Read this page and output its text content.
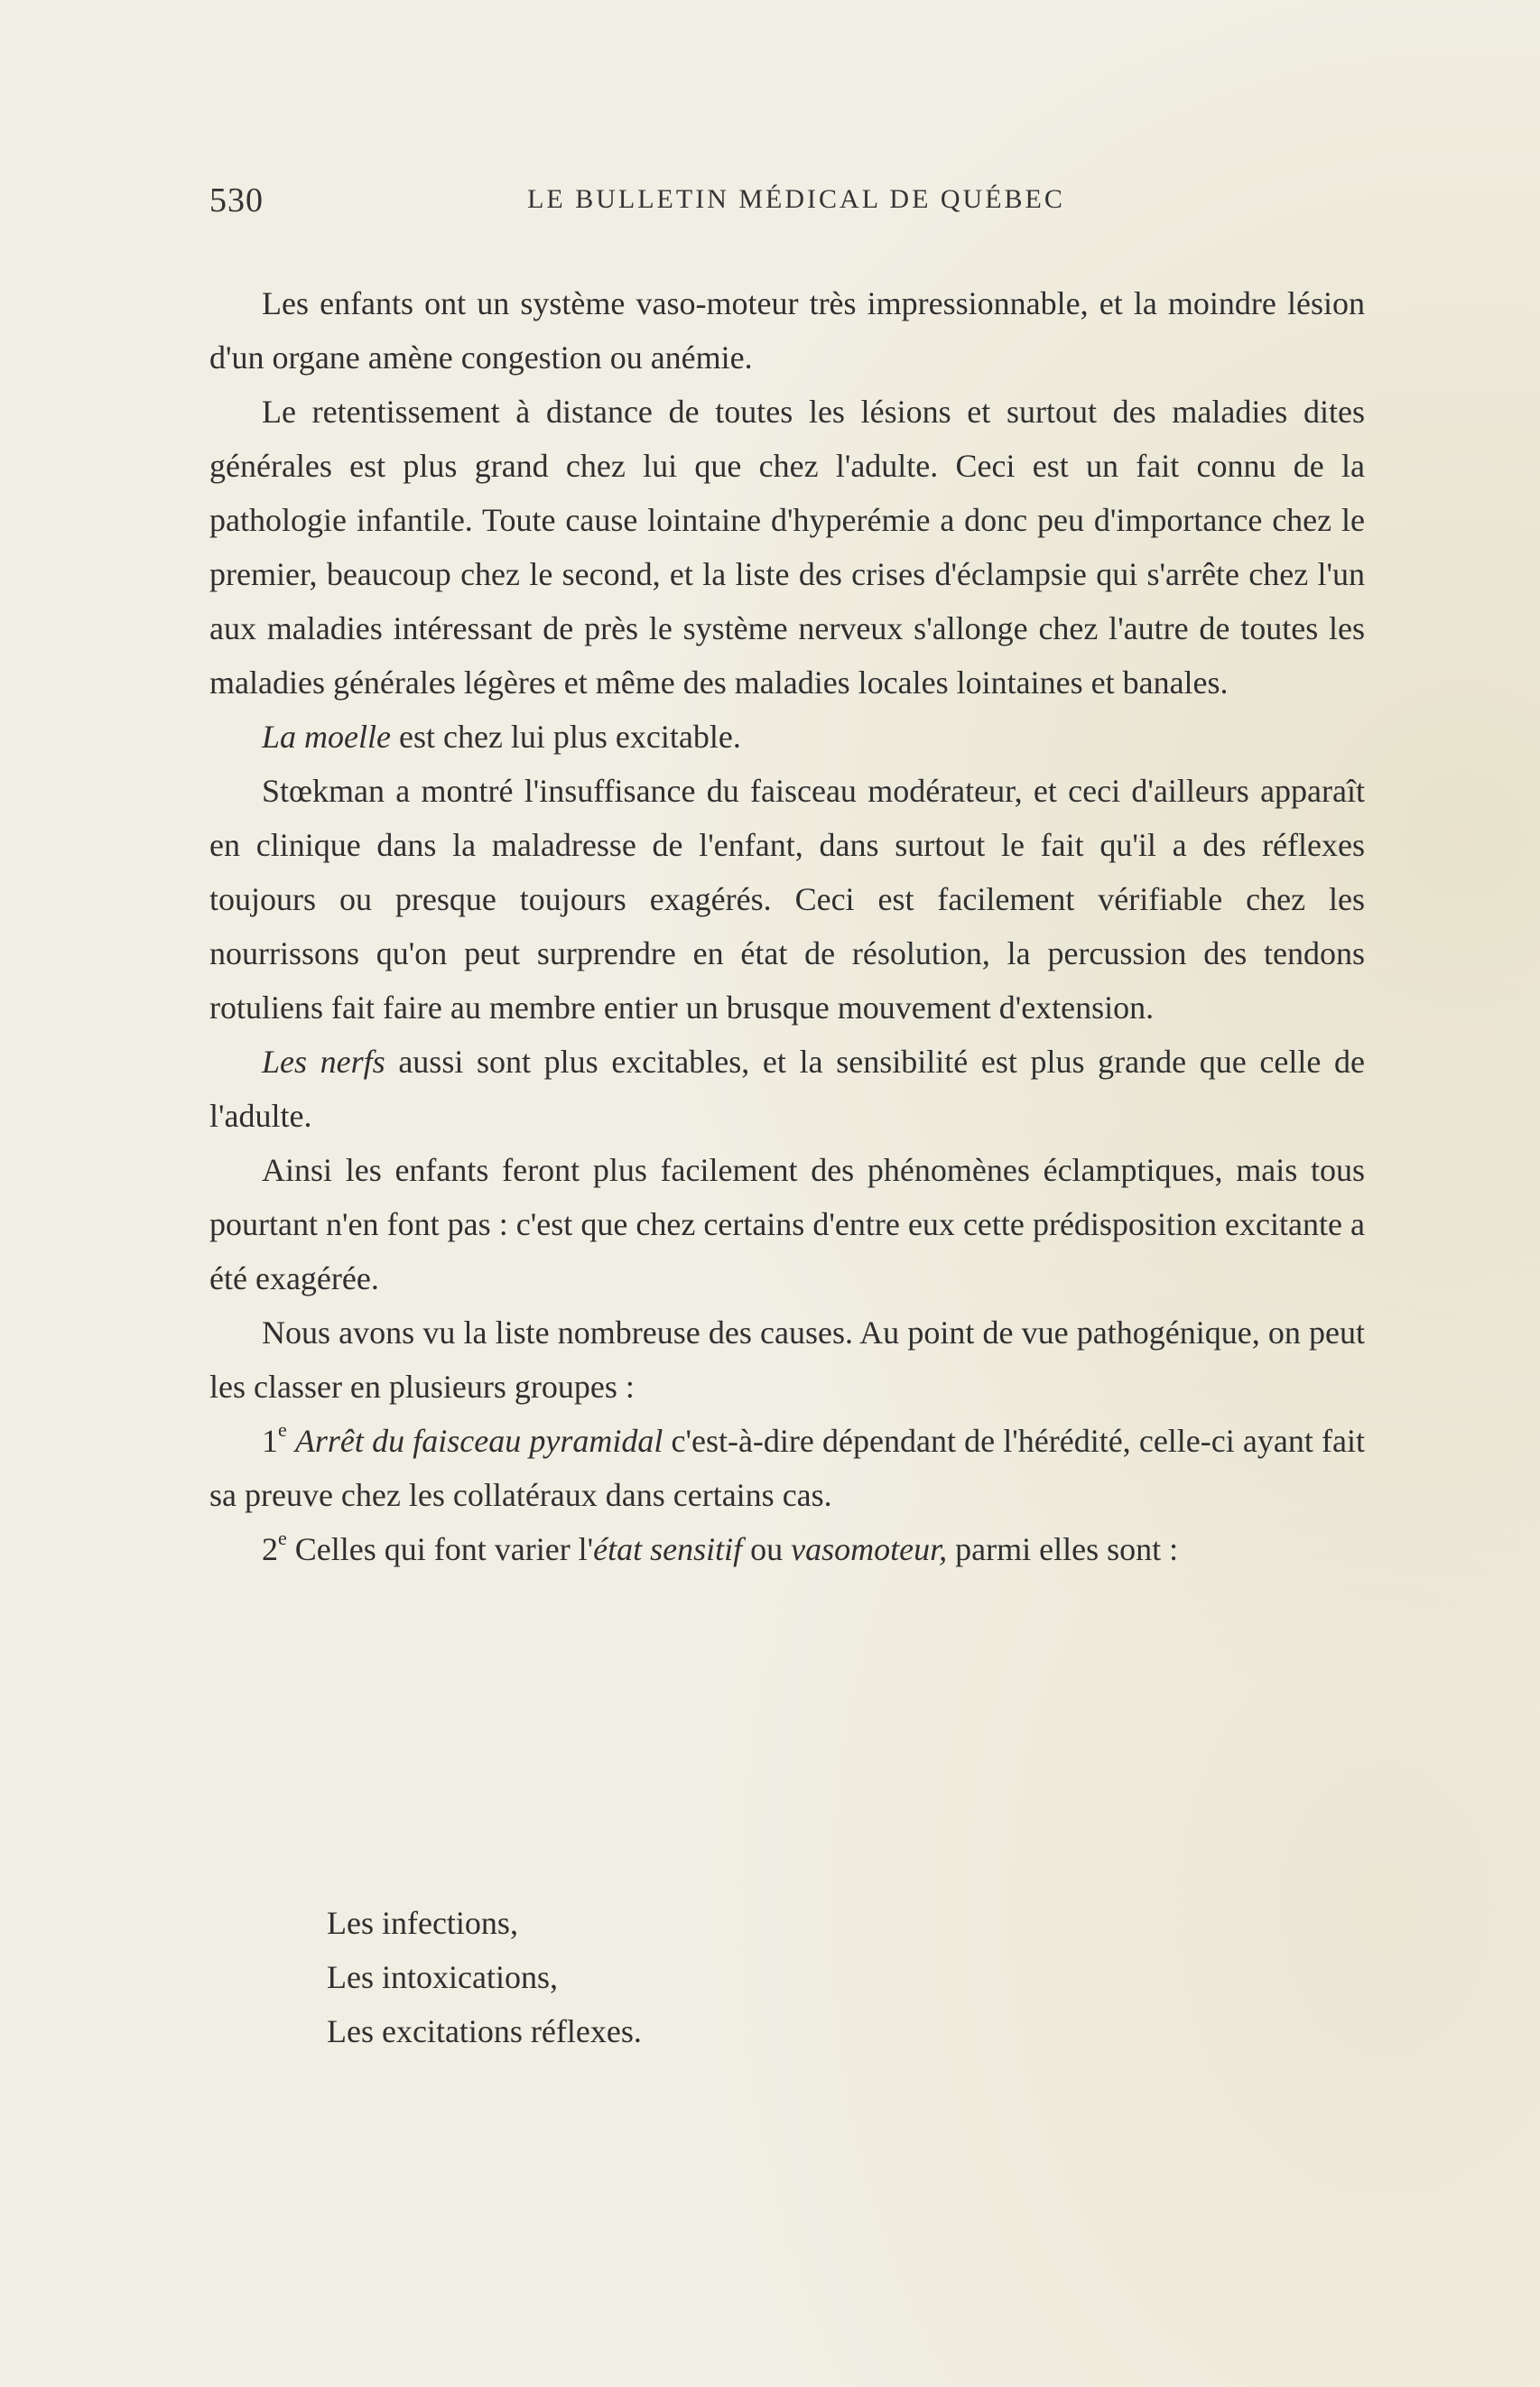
530	LE BULLETIN MÉDICAL DE QUÉBEC

Les enfants ont un système vaso-moteur très impressionnable, et la moindre lésion d'un organe amène congestion ou anémie.

Le retentissement à distance de toutes les lésions et surtout des maladies dites générales est plus grand chez lui que chez l'adulte. Ceci est un fait connu de la pathologie infantile. Toute cause lointaine d'hyperémie a donc peu d'importance chez le premier, beaucoup chez le second, et la liste des crises d'éclampsie qui s'arrête chez l'un aux maladies intéressant de près le système nerveux s'allonge chez l'autre de toutes les maladies générales légères et même des maladies locales lointaines et banales.

La moelle est chez lui plus excitable.

Stœkman a montré l'insuffisance du faisceau modérateur, et ceci d'ailleurs apparaît en clinique dans la maladresse de l'enfant, dans surtout le fait qu'il a des réflexes toujours ou presque toujours exagérés. Ceci est facilement vérifiable chez les nourrissons qu'on peut surprendre en état de résolution, la percussion des tendons rotuliens fait faire au membre entier un brusque mouvement d'extension.

Les nerfs aussi sont plus excitables, et la sensibilité est plus grande que celle de l'adulte.

Ainsi les enfants feront plus facilement des phénomènes éclamptiques, mais tous pourtant n'en font pas : c'est que chez certains d'entre eux cette prédisposition excitante a été exagérée.

Nous avons vu la liste nombreuse des causes. Au point de vue pathogénique, on peut les classer en plusieurs groupes :

1e Arrêt du faisceau pyramidal c'est-à-dire dépendant de l'hérédité, celle-ci ayant fait sa preuve chez les collatéraux dans certains cas.

2e Celles qui font varier l'état sensitif ou vasomoteur, parmi elles sont :

Les infections,
Les intoxications,
Les excitations réflexes.
